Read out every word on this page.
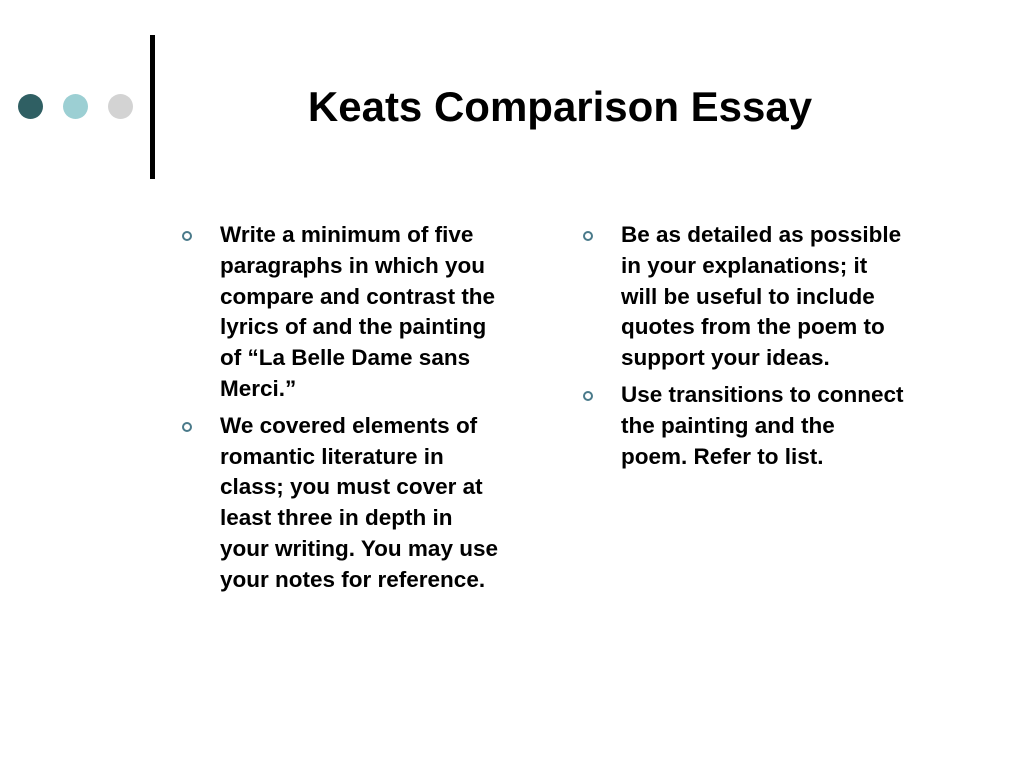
Keats Comparison Essay
Write a minimum of five
paragraphs in which you
compare and contrast the
lyrics of and the painting
of “La Belle Dame sans
Merci.”
We covered elements of
romantic literature in
class; you must cover at
least three in depth in
your writing. You may use
your notes for reference.
Be as detailed as possible
in your explanations; it
will be useful to include
quotes from the poem to
support your ideas.
Use transitions to connect
the painting and the
poem. Refer to list.
